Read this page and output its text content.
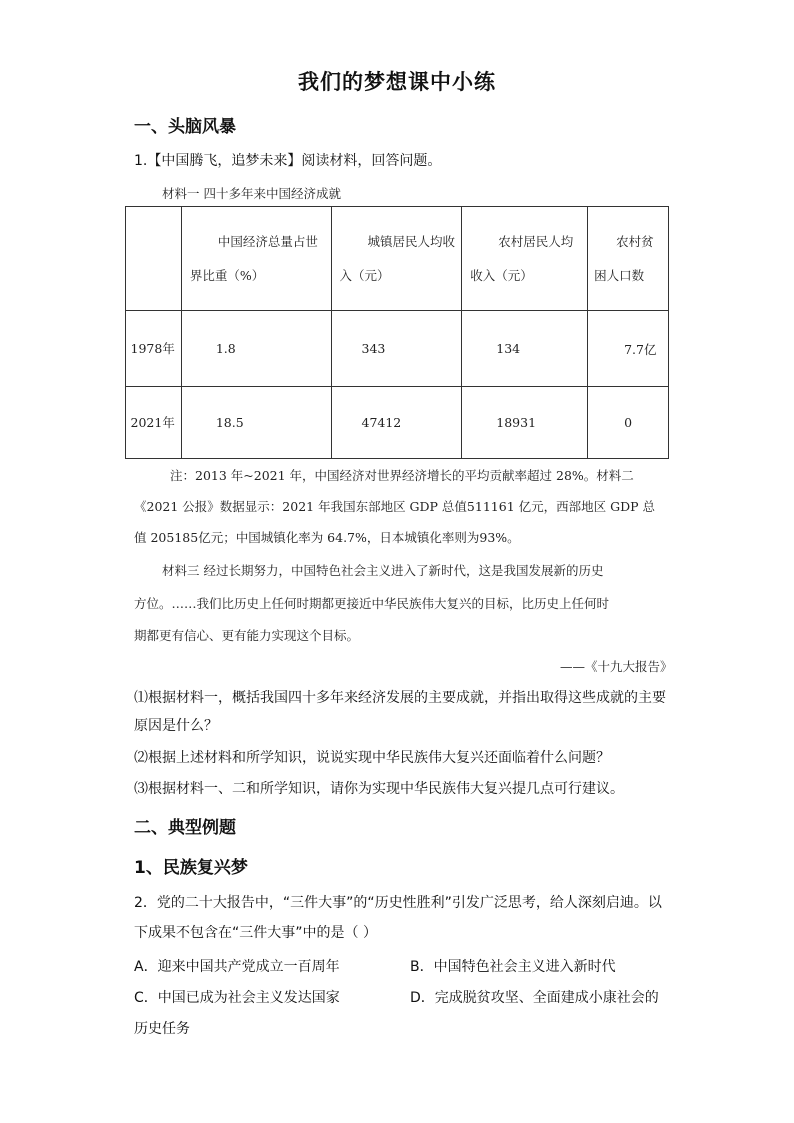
我们的梦想课中小练
一、头脑风暴
1.【中国腾飞，追梦未来】阅读材料，回答问题。
材料一 四十多年来中国经济成就
	中国经济总量占世界比重（%）	城镇居民人均收入（元）	农村居民人均收入（元）	农村贫困人口数
1978年	1.8	343	134	7.7亿
2021年	18.5	47412	18931	0
注：2013 年~2021 年，中国经济对世界经济增长的平均贡献率超过 28%。材料二
《2021 公报》数据显示：2021 年我国东部地区 GDP 总值511161 亿元，西部地区 GDP 总
值 205185亿元；中国城镇化率为 64.7%，日本城镇化率则为93%。
材料三 经过长期努力，中国特色社会主义进入了新时代，这是我国发展新的历史
方位。……我们比历史上任何时期都更接近中华民族伟大复兴的目标，比历史上任何时
期都更有信心、更有能力实现这个目标。
——《十九大报告》
⑴根据材料一，概括我国四十多年来经济发展的主要成就，并指出取得这些成就的主要
原因是什么？
⑵根据上述材料和所学知识，说说实现中华民族伟大复兴还面临着什么问题？
⑶根据材料一、二和所学知识，请你为实现中华民族伟大复兴提几点可行建议。
二、典型例题
1、民族复兴梦
2．党的二十大报告中，“三件大事”的“历史性胜利”引发广泛思考，给人深刻启迪。以
下成果不包含在“三件大事”中的是（ ）
A．迎来中国共产党成立一百周年	B．中国特色社会主义进入新时代
C．中国已成为社会主义发达国家	D．完成脱贫攻坚、全面建成小康社会的
历史任务
